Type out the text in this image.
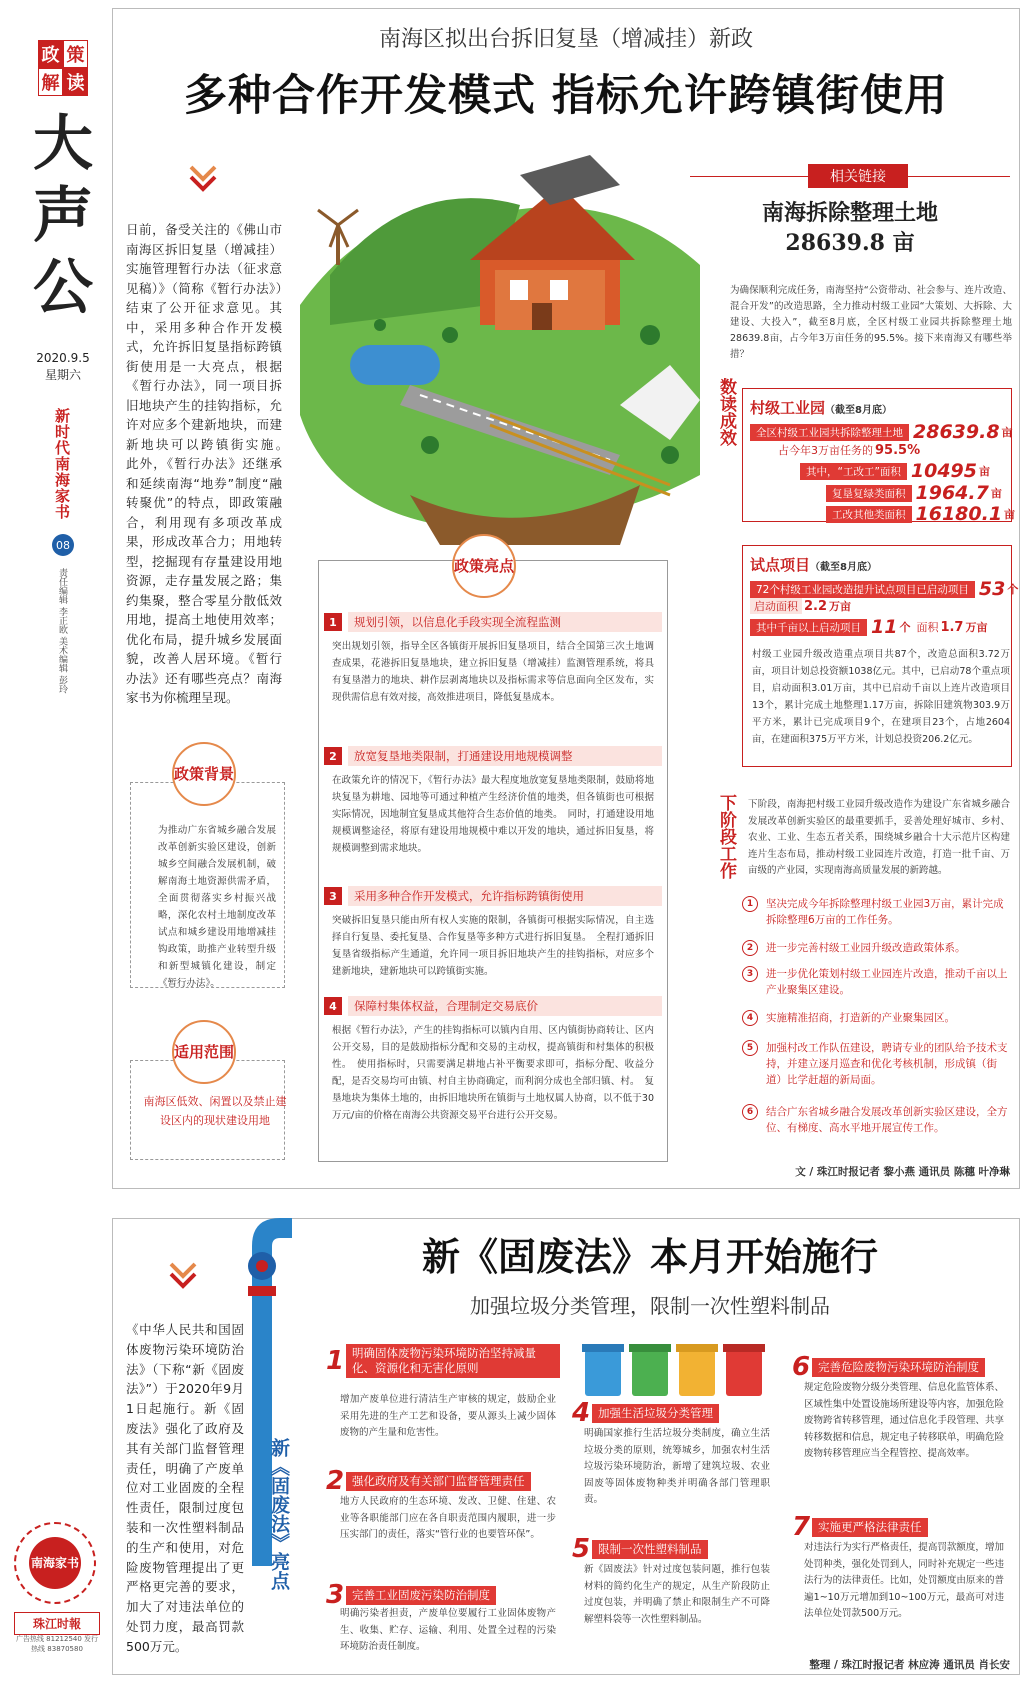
政 策
解 读
大声公
2020.9.5
星期六
新时代南海家书
08
责任编辑 李正欧 美术编辑 彭玲
南海家书
珠江时報
广告热线 81212540 发行热线 83870580
南海区拟出台拆旧复垦（增减挂）新政
多种合作开发模式 指标允许跨镇街使用
日前，备受关注的《佛山市南海区拆旧复垦（增减挂）实施管理暂行办法（征求意见稿）》（简称《暂行办法》）结束了公开征求意见。其中，采用多种合作开发模式，允许拆旧复垦指标跨镇街使用是一大亮点，根据《暂行办法》，同一项目拆旧地块产生的挂钩指标，允许对应多个建新地块，而建新地块可以跨镇街实施。　此外，《暂行办法》还继承和延续南海“地券”制度“融转聚优”的特点，即政策融合，利用现有多项改革成果，形成改革合力；用地转型，挖掘现有存量建设用地资源，走存量发展之路；集约集聚，整合零星分散低效用地，提高土地使用效率；优化布局，提升城乡发展面貌，改善人居环境。《暂行办法》还有哪些亮点？南海家书为你梳理呈现。
相关链接
南海拆除整理土地
28639.8 亩
为确保顺利完成任务，南海坚持“公资带动、社会参与、连片改造、混合开发”的改造思路，全力推动村级工业园“大策划、大拆除、大建设、大投入”，截至8月底，全区村级工业园共拆除整理土地28639.8亩，占今年3万亩任务的95.5%。接下来南海又有哪些举措？
数读成效 村级工业园（截至8月底）
全区村级工业园共拆除整理土地 28639.8 亩
占今年3万亩任务的 95.5%
其中，“工改工”面积 10495 亩
复垦复绿类面积 1964.7 亩
工改其他类面积 16180.1 亩
试点项目（截至8月底）
72个村级工业园改造提升试点项目已启动项目 53 个
启动面积 2.2 万亩
其中千亩以上启动项目 11 个 面积 1.7 万亩
村级工业园升级改造重点项目共87个，改造总面积3.72万亩，项目计划总投资额1038亿元。其中，已启动78个重点项目，启动面积3.01万亩，其中已启动千亩以上连片改造项目13个，累计完成土地整理1.17万亩，拆除旧建筑物303.9万平方米，累计已完成项目9个，在建项目23个，占地2604亩，在建面积375万平方米，计划总投资206.2亿元。
下阶段工作	下阶段，南海把村级工业园升级改造作为建设广东省城乡融合发展改革创新实验区的最重要抓手，妥善处理好城市、乡村、农业、工业、生态五者关系，围绕城乡融合十大示范片区构建连片生态布局，推动村级工业园连片改造，打造一批千亩、万亩级的产业园，实现南海高质量发展的新跨越。
1	坚决完成今年拆除整理村级工业园3万亩，累计完成拆除整理6万亩的工作任务。
2	进一步完善村级工业园升级改造政策体系。
3	进一步优化策划村级工业园连片改造，推动千亩以上产业聚集区建设。
4	实施精准招商，打造新的产业聚集园区。
5	加强村改工作队伍建设，聘请专业的团队给予技术支持，并建立逐月巡查和优化考核机制，形成镇（街道）比学赶超的新局面。
6	结合广东省城乡融合发展改革创新实验区建设，全方位、有梯度、高水平地开展宣传工作。
文 / 珠江时报记者 黎小燕 通讯员 陈穗 叶净琳
政策背景
为推动广东省城乡融合发展改革创新实验区建设，创新城乡空间融合发展机制，破解南海土地资源供需矛盾，全面贯彻落实乡村振兴战略，深化农村土地制度改革试点和城乡建设用地增减挂钩政策，助推产业转型升级和新型城镇化建设，制定《暂行办法》。
适用范围
南海区低效、闲置以及禁止建设区内的现状建设用地
政策亮点
1	规划引领，以信息化手段实现全流程监测
突出规划引领，指导全区各镇街开展拆旧复垦项目，结合全国第三次土地调查成果，花港拆旧复垦地块，建立拆旧复垦（增减挂）监测管理系统，将具有复垦潜力的地块、耕作层剥离地块以及指标需求等信息面向全区发布，实现供需信息有效对接，高效推进项目，降低复垦成本。
2	放宽复垦地类限制，打通建设用地规模调整
在政策允许的情况下，《暂行办法》最大程度地放宽复垦地类限制，鼓励将地块复垦为耕地、园地等可通过种植产生经济价值的地类，但各镇街也可根据实际情况，因地制宜复垦成其他符合生态价值的地类。　同时，打通建设用地规模调整途径，将原有建设用地规模中难以开发的地块，通过拆旧复垦，将规模调整到需求地块。
3	采用多种合作开发模式，允许指标跨镇街使用
突破拆旧复垦只能由所有权人实施的限制，各镇街可根据实际情况，自主选择自行复垦、委托复垦、合作复垦等多种方式进行拆旧复垦。　全程打通拆旧复垦省级指标产生通道，允许同一项目拆旧地块产生的挂钩指标，对应多个建新地块，建新地块可以跨镇街实施。
4	保障村集体权益，合理制定交易底价
根据《暂行办法》，产生的挂钩指标可以镇内自用、区内镇街协商转让、区内公开交易，目的是鼓励指标分配和交易的主动权，提高镇街和村集体的积极性。　使用指标时，只需要满足耕地占补平衡要求即可，指标分配、收益分配，是否交易均可由镇、村自主协商确定，而利润分成也全部归镇、村。　复垦地块为集体土地的，由拆旧地块所在镇街与土地权属人协商，以不低于30万元/亩的价格在南海公共资源交易平台进行公开交易。
新《固废法》本月开始施行
加强垃圾分类管理，限制一次性塑料制品
《中华人民共和国固体废物污染环境防治法》（下称“新《固废法》”）于2020年9月1日起施行。新《固废法》强化了政府及其有关部门监督管理责任，明确了产废单位对工业固废的全程性责任，限制过度包装和一次性塑料制品的生产和使用，对危险废物管理提出了更严格更完善的要求，加大了对违法单位的处罚力度，最高罚款500万元。
新《固废法》亮点
1 明确固体废物污染环境防治坚持减量化、资源化和无害化原则
增加产废单位进行清洁生产审核的规定，鼓励企业采用先进的生产工艺和设备，要从源头上减少固体废物的产生量和危害性。
2 强化政府及有关部门监督管理责任
地方人民政府的生态环境、发改、卫健、住建、农业等各职能部门应在各自职责范围内履职，进一步压实部门的责任，落实“管行业的也要管环保”。
3 完善工业固废污染防治制度
明确污染者担责，产废单位要履行工业固体废物产生、收集、贮存、运输、利用、处置全过程的污染环境防治责任制度。
4 加强生活垃圾分类管理
明确国家推行生活垃圾分类制度，确立生活垃圾分类的原则，统筹城乡，加强农村生活垃圾污染环境防治，新增了建筑垃圾、农业固废等固体废物种类并明确各部门管理职责。
5 限制一次性塑料制品
新《固废法》针对过度包装问题，推行包装材料的简约化生产的规定，从生产阶段防止过度包装，并明确了禁止和限制生产不可降解塑料袋等一次性塑料制品。
6 完善危险废物污染环境防治制度
规定危险废物分级分类管理、信息化监管体系、区域性集中处置设施场所建设等内容，加强危险废物跨省转移管理，通过信息化手段管理、共享转移数据和信息，规定电子转移联单，明确危险废物转移管理应当全程管控、提高效率。
7 实施更严格法律责任
对违法行为实行严格责任，提高罚款额度，增加处罚种类，强化处罚到人，同时补充规定一些违法行为的法律责任。比如，处罚额度由原来的普遍1~10万元增加到10~100万元，最高可对违法单位处罚款500万元。
整理 / 珠江时报记者 林应涛 通讯员 肖长安
